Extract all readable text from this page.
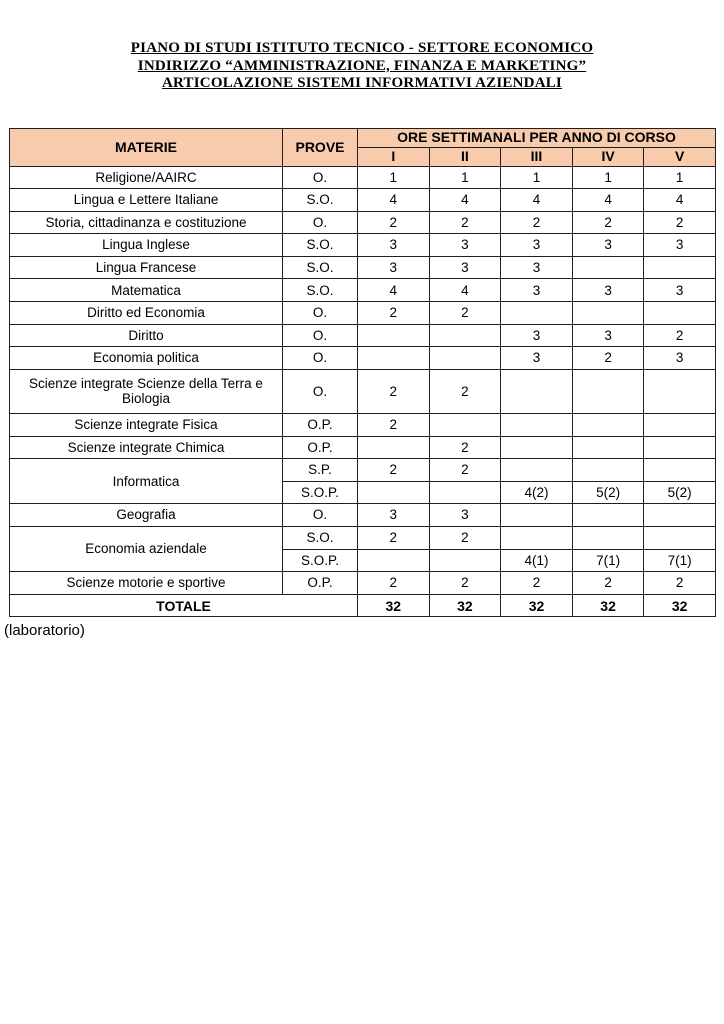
PIANO DI STUDI ISTITUTO TECNICO - SETTORE ECONOMICO
INDIRIZZO “AMMINISTRAZIONE, FINANZA E MARKETING”
ARTICOLAZIONE SISTEMI INFORMATIVI AZIENDALI
MATERIE	PROVE	ORE SETTIMANALI PER ANNO DI CORSO				
		I	II	III	IV	V
Religione/AAIRC	O.	1	1	1	1	1
Lingua e Lettere Italiane	S.O.	4	4	4	4	4
Storia, cittadinanza e costituzione	O.	2	2	2	2	2
Lingua Inglese	S.O.	3	3	3	3	3
Lingua Francese	S.O.	3	3	3		
Matematica	S.O.	4	4	3	3	3
Diritto ed Economia	O.	2	2			
Diritto	O.			3	3	2
Economia politica	O.			3	2	3
Scienze integrate Scienze della Terra e Biologia	O.	2	2			
Scienze integrate Fisica	O.P.	2				
Scienze integrate Chimica	O.P.		2			
Informatica	S.P.	2	2			
	S.O.P.			4(2)	5(2)	5(2)
Geografia	O.	3	3			
Economia aziendale	S.O.	2	2			
	S.O.P.			4(1)	7(1)	7(1)
Scienze motorie e sportive	O.P.	2	2	2	2	2
TOTALE		32	32	32	32	32
(laboratorio)
